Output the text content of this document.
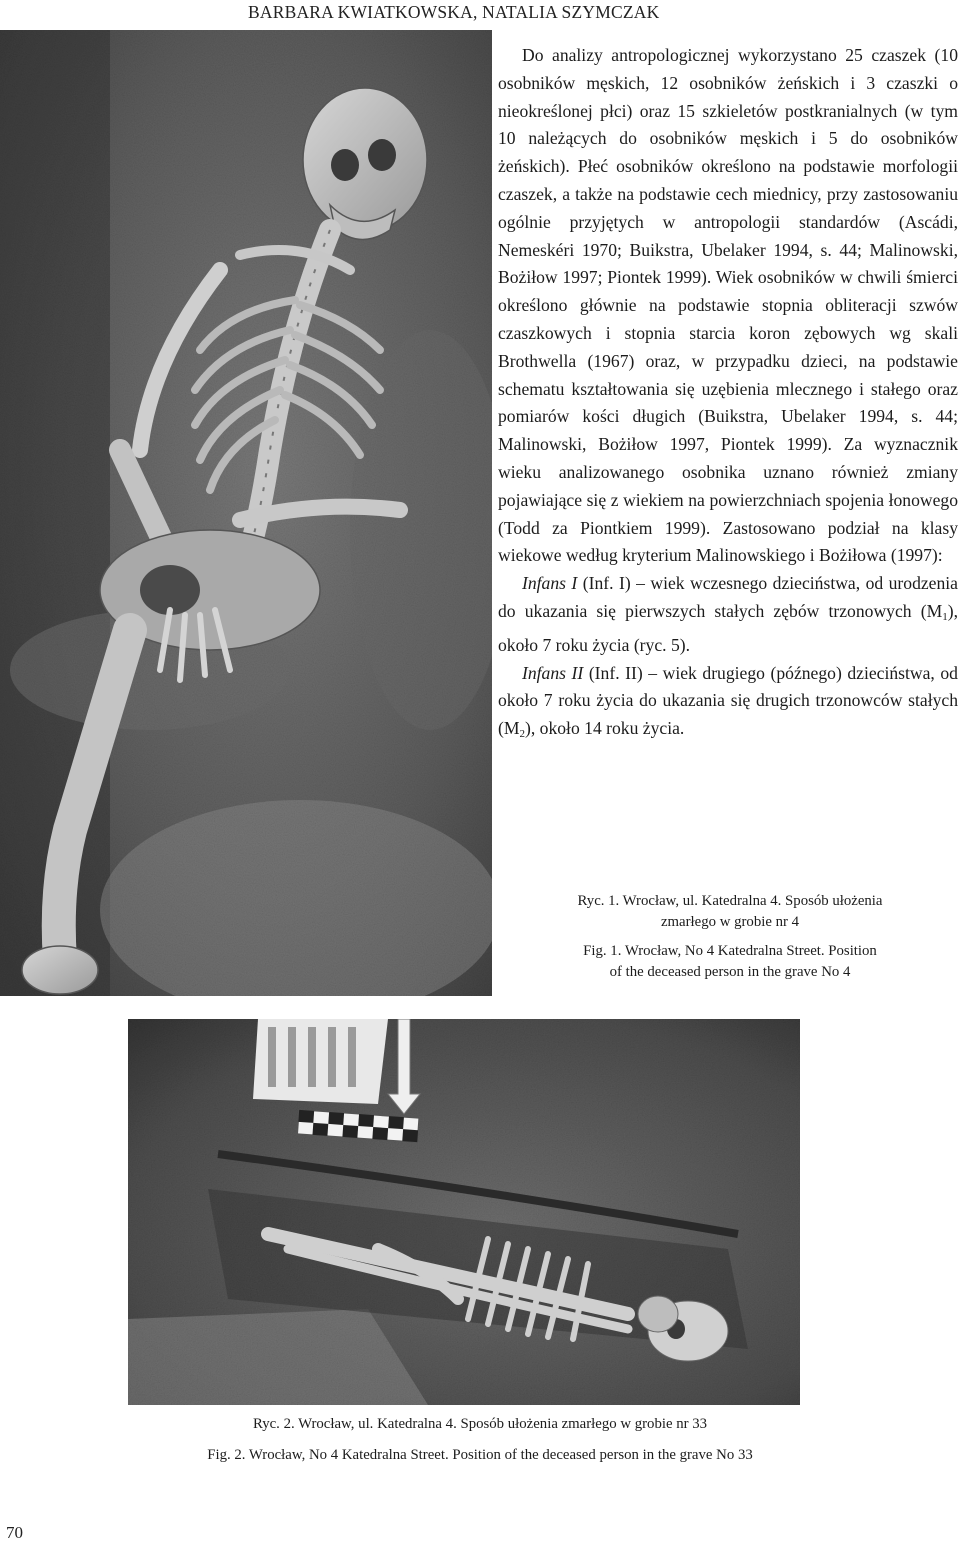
BARBARA KWIATKOWSKA, NATALIA SZYMCZAK

Do analizy antropologicznej wykorzystano 25 czaszek (10 osobników męskich, 12 osobników żeńskich i 3 czaszki o nieokreślonej płci) oraz 15 szkieletów postkranialnych (w tym 10 należących do osobników męskich i 5 do osobników żeńskich). Płeć osobników określono na podstawie morfologii czaszek, a także na podstawie cech miednicy, przy zastosowaniu ogólnie przyjętych w antropologii standardów (Ascádi, Nemeskéri 1970; Buikstra, Ubelaker 1994, s. 44; Malinowski, Bożiłow 1997; Piontek 1999). Wiek osobników w chwili śmierci określono głównie na podstawie stopnia obliteracji szwów czaszkowych i stopnia starcia koron zębowych wg skali Brothwella (1967) oraz, w przypadku dzieci, na podstawie schematu kształtowania się uzębienia mlecznego i stałego oraz pomiarów kości długich (Buikstra, Ubelaker 1994, s. 44; Malinowski, Bożiłow 1997, Piontek 1999). Za wyznacznik wieku analizowanego osobnika uznano również zmiany pojawiające się z wiekiem na powierzchniach spojenia łonowego (Todd za Piontkiem 1999). Zastosowano podział na klasy wiekowe według kryterium Malinowskiego i Bożiłowa (1997):

Infans I (Inf. I) – wiek wczesnego dzieciństwa, od urodzenia do ukazania się pierwszych stałych zębów trzonowych $(M_1)$, około 7 roku życia (ryc. 5).

Infans II (Inf. II) – wiek drugiego (późnego) dzieciństwa, od około 7 roku życia do ukazania się drugich trzonowców stałych $(M_2)$, około 14 roku życia.

Ryc. 1. Wrocław, ul. Katedralna 4. Sposób ułożenia
zmarłego w grobie nr 4
Fig. 1. Wrocław, No 4 Katedralna Street. Position
of the deceased person in the grave No 4
Ryc. 2. Wrocław, ul. Katedralna 4. Sposób ułożenia zmarłego w grobie nr 33
Fig. 2. Wrocław, No 4 Katedralna Street. Position of the deceased person in the grave No 33
70
